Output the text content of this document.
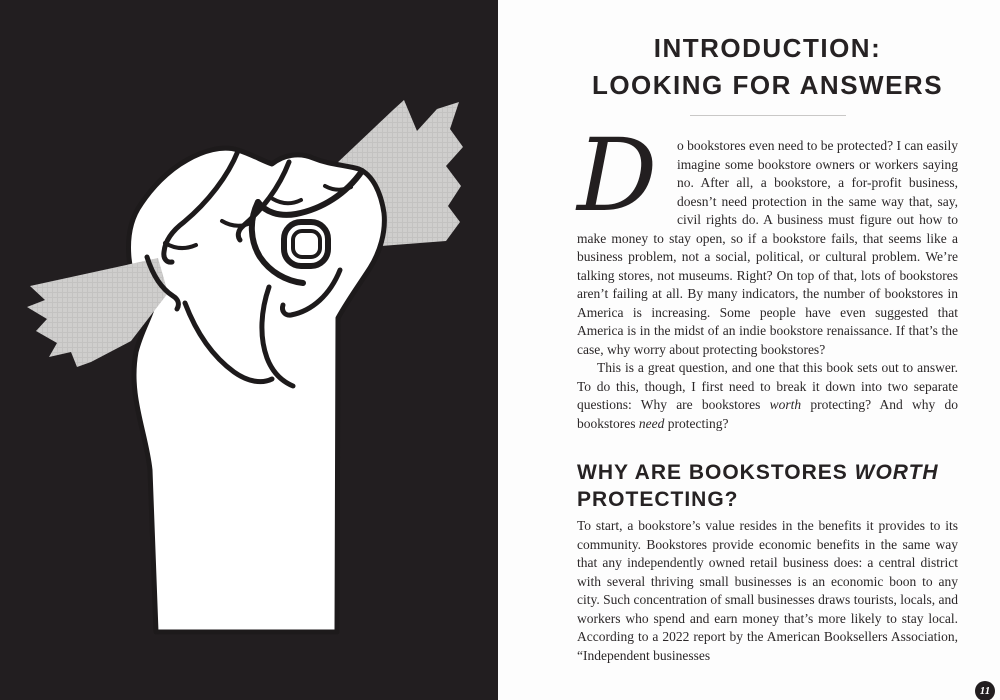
INTRODUCTION:
LOOKING FOR ANSWERS

D	o bookstores even need to be protected? I can easily imagine some bookstore owners or workers saying no. After all, a bookstore, a for-profit business, doesn’t need protection in the same way that, say, civil rights do. A business must figure out how to make money to stay open, so if a bookstore fails, that seems like a business problem, not a social, political, or cultural problem. We’re talking stores, not museums. Right? On top of that, lots of bookstores aren’t failing at all. By many indicators, the number of bookstores in America is increasing. Some people have even suggested that America is in the midst of an indie bookstore renaissance. If that’s the case, why worry about protecting bookstores?

This is a great question, and one that this book sets out to answer. To do this, though, I first need to break it down into two separate questions: Why are bookstores worth protecting? And why do bookstores need protecting?

WHY ARE BOOKSTORES WORTH
PROTECTING?

To start, a bookstore’s value resides in the benefits it provides to its community. Bookstores provide economic benefits in the same way that any independently owned retail business does: a central district with several thriving small businesses is an economic boon to any city. Such concentration of small businesses draws tourists, locals, and workers who spend and earn money that’s more likely to stay local. According to a 2022 report by the American Booksellers Association, “Independent businesses

11
